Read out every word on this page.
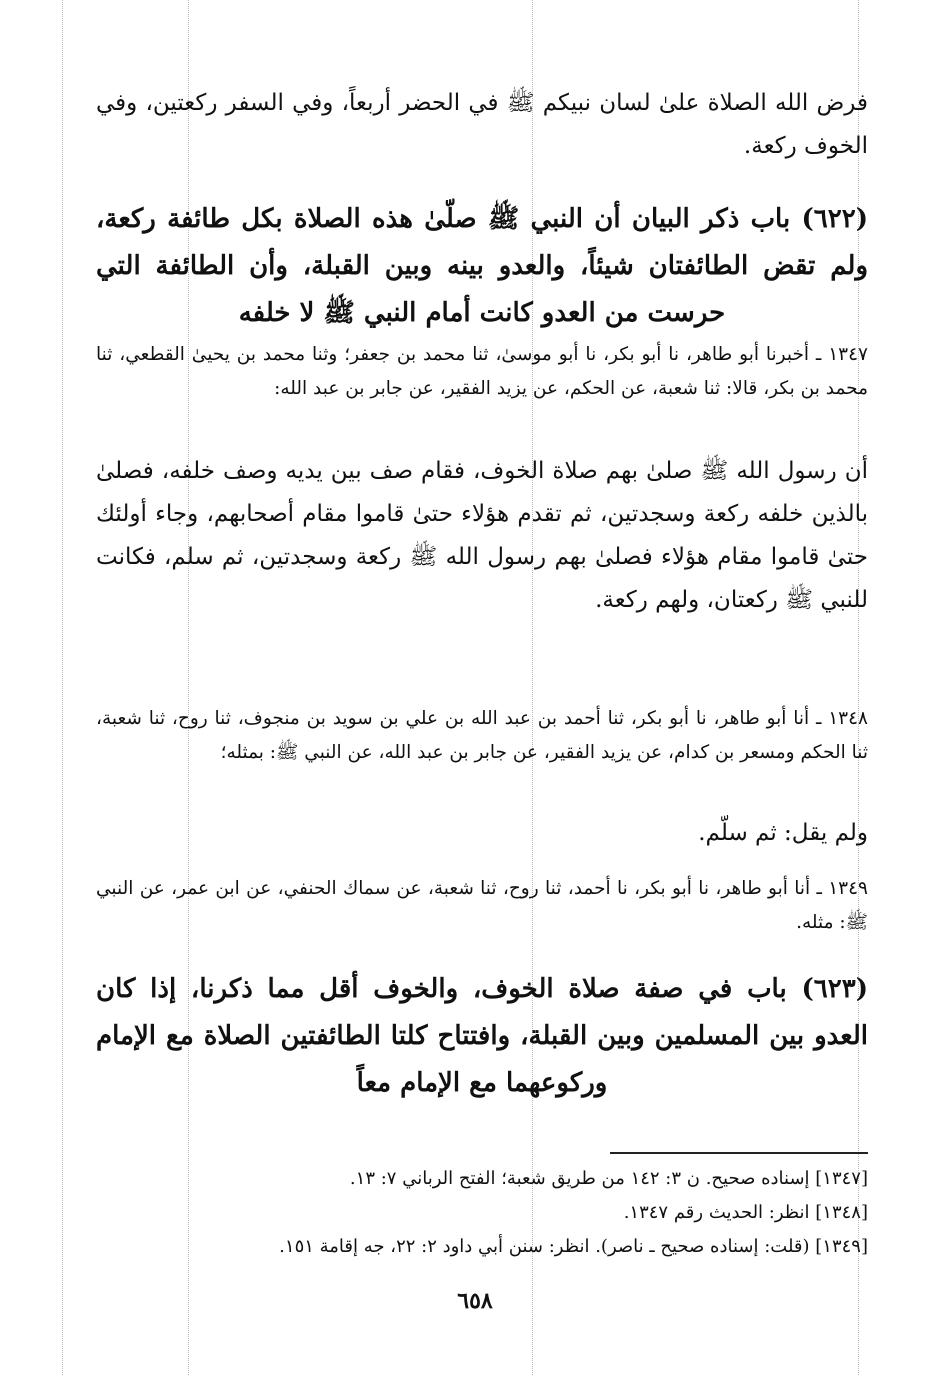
فرض الله الصلاة علىٰ لسان نبيكم ﷺ في الحضر أربعاً، وفي السفر ركعتين، وفي الخوف ركعة.
(٦٢٢) باب ذكر البيان أن النبي ﷺ صلّىٰ هذه الصلاة بكل طائفة ركعة، ولم تقض الطائفتان شيئاً، والعدو بينه وبين القبلة، وأن الطائفة التي حرست من العدو كانت أمام النبي ﷺ لا خلفه
١٣٤٧ ـ أخبرنا أبو طاهر، نا أبو بكر، نا أبو موسىٰ، ثنا محمد بن جعفر؛ وثنا محمد بن يحيىٰ القطعي، ثنا محمد بن بكر، قالا: ثنا شعبة، عن الحكم، عن يزيد الفقير، عن جابر بن عبد الله:
أن رسول الله ﷺ صلىٰ بهم صلاة الخوف، فقام صف بين يديه وصف خلفه، فصلىٰ بالذين خلفه ركعة وسجدتين، ثم تقدم هؤلاء حتىٰ قاموا مقام أصحابهم، وجاء أولئك حتىٰ قاموا مقام هؤلاء فصلىٰ بهم رسول الله ﷺ ركعة وسجدتين، ثم سلم، فكانت للنبي ﷺ ركعتان، ولهم ركعة.
١٣٤٨ ـ أنا أبو طاهر، نا أبو بكر، ثنا أحمد بن عبد الله بن علي بن سويد بن منجوف، ثنا روح، ثنا شعبة، ثنا الحكم ومسعر بن كدام، عن يزيد الفقير، عن جابر بن عبد الله، عن النبي ﷺ: بمثله؛
ولم يقل: ثم سلّم.
١٣٤٩ ـ أنا أبو طاهر، نا أبو بكر، نا أحمد، ثنا روح، ثنا شعبة، عن سماك الحنفي، عن ابن عمر، عن النبي ﷺ: مثله.
(٦٢٣) باب في صفة صلاة الخوف، والخوف أقل مما ذكرنا، إذا كان العدو بين المسلمين وبين القبلة، وافتتاح كلتا الطائفتين الصلاة مع الإمام وركوعهما مع الإمام معاً
[١٣٤٧] إسناده صحيح. ن ٣: ١٤٢ من طريق شعبة؛ الفتح الرباني ٧: ١٣.
[١٣٤٨] انظر: الحديث رقم ١٣٤٧.
[١٣٤٩] (قلت: إسناده صحيح ـ ناصر). انظر: سنن أبي داود ٢: ٢٢، جه إقامة ١٥١.
٦٥٨
